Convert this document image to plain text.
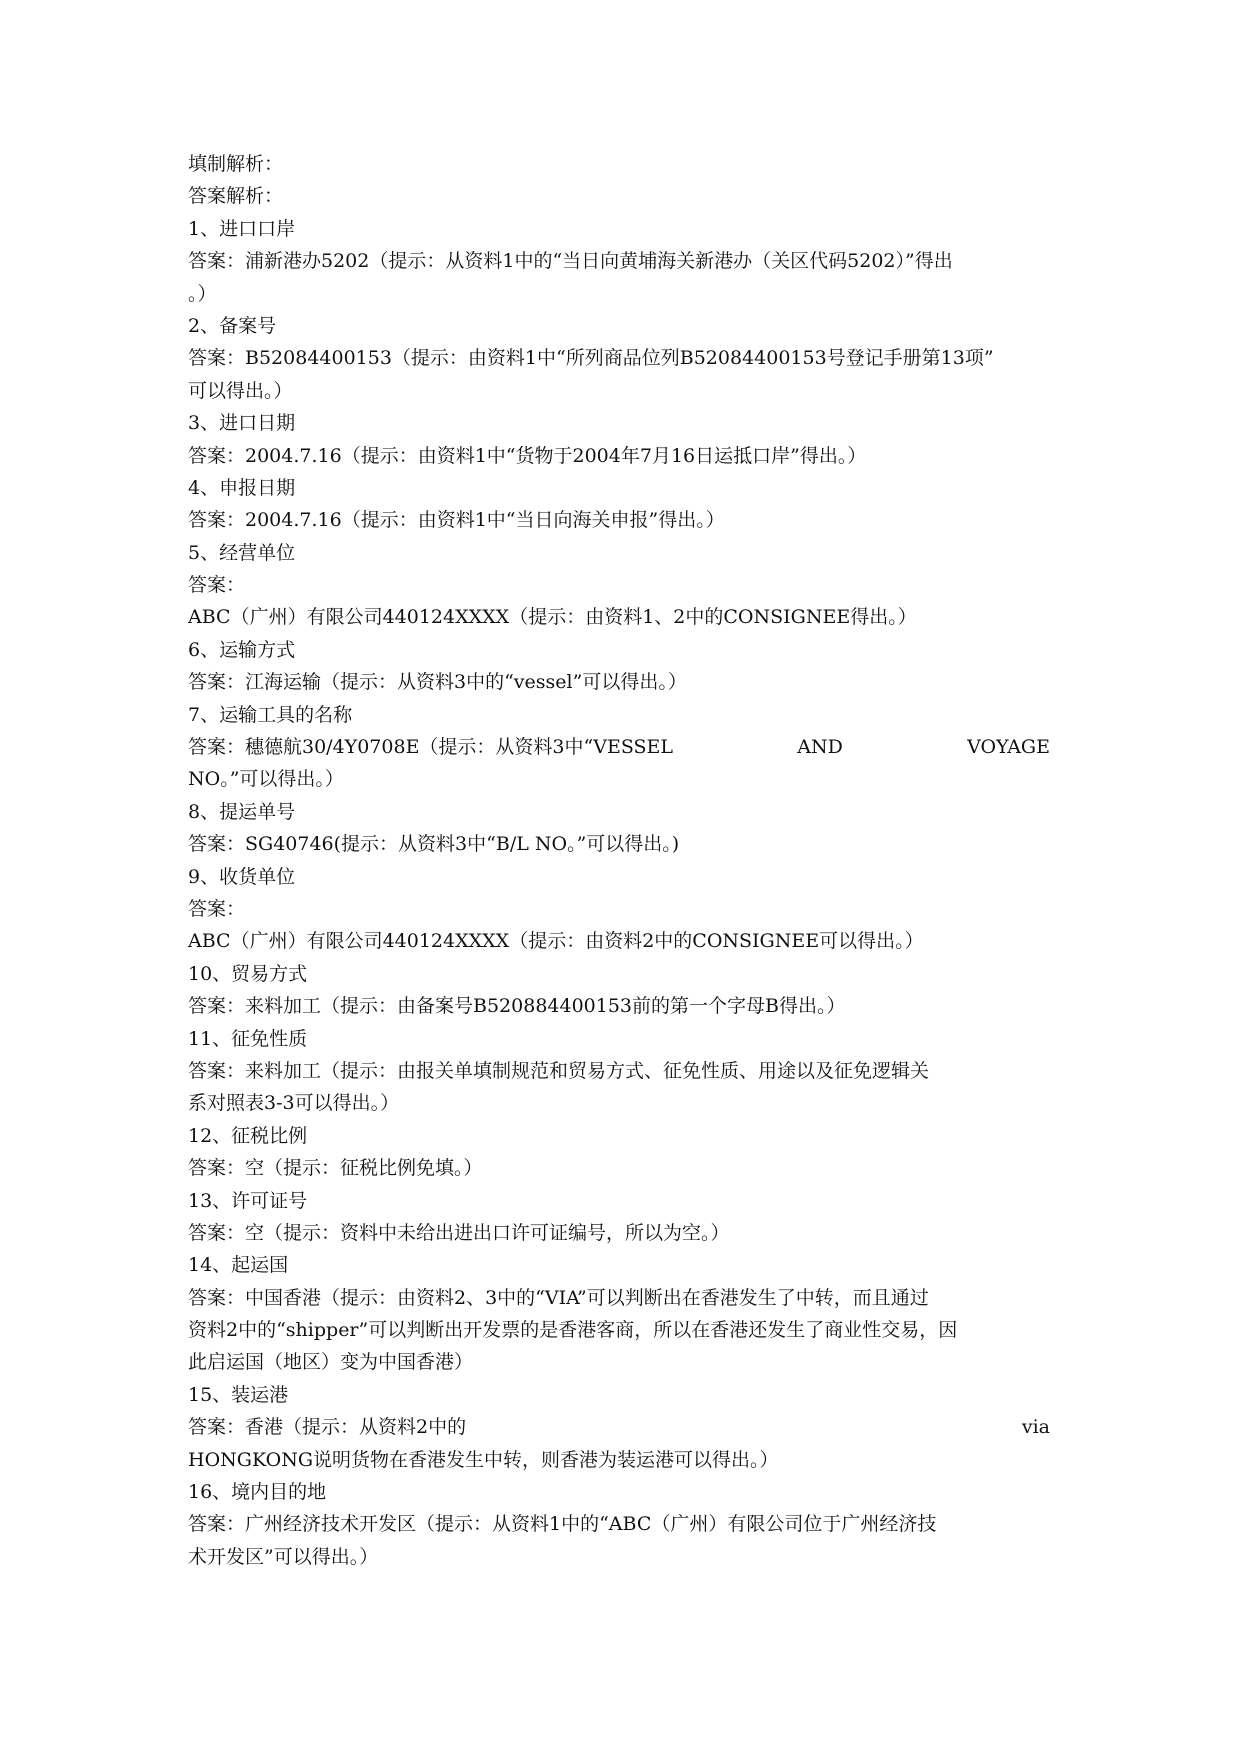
填制解析：
答案解析：
1、进口口岸
答案：浦新港办5202（提示：从资料1中的“当日向黄埔海关新港办（关区代码5202）”得出
。）
2、备案号
答案：B52084400153（提示：由资料1中“所列商品位列B52084400153号登记手册第13项”
可以得出。）
3、进口日期
答案：2004.7.16（提示：由资料1中“货物于2004年7月16日运抵口岸”得出。）
4、申报日期
答案：2004.7.16（提示：由资料1中“当日向海关申报”得出。）
5、经营单位
答案：
ABC（广州）有限公司440124XXXX（提示：由资料1、2中的CONSIGNEE得出。）
6、运输方式
答案：江海运输（提示：从资料3中的“vessel”可以得出。）
7、运输工具的名称
答案：穗德航30/4Y0708E（提示：从资料3中“VESSEL	AND	VOYAGE
NO。”可以得出。）
8、提运单号
答案：SG40746(提示：从资料3中“B/L NO。”可以得出。)
9、收货单位
答案：
ABC（广州）有限公司440124XXXX（提示：由资料2中的CONSIGNEE可以得出。）
10、贸易方式
答案：来料加工（提示：由备案号B520884400153前的第一个字母B得出。）
11、征免性质
答案：来料加工（提示：由报关单填制规范和贸易方式、征免性质、用途以及征免逻辑关
系对照表3-3可以得出。）
12、征税比例
答案：空（提示：征税比例免填。）
13、许可证号
答案：空（提示：资料中未给出进出口许可证编号，所以为空。）
14、起运国
答案：中国香港（提示：由资料2、3中的“VIA”可以判断出在香港发生了中转，而且通过
资料2中的“shipper”可以判断出开发票的是香港客商，所以在香港还发生了商业性交易，因
此启运国（地区）变为中国香港）
15、装运港
答案：香港（提示：从资料2中的	via
HONGKONG说明货物在香港发生中转，则香港为装运港可以得出。）
16、境内目的地
答案：广州经济技术开发区（提示：从资料1中的“ABC（广州）有限公司位于广州经济技
术开发区”可以得出。）
